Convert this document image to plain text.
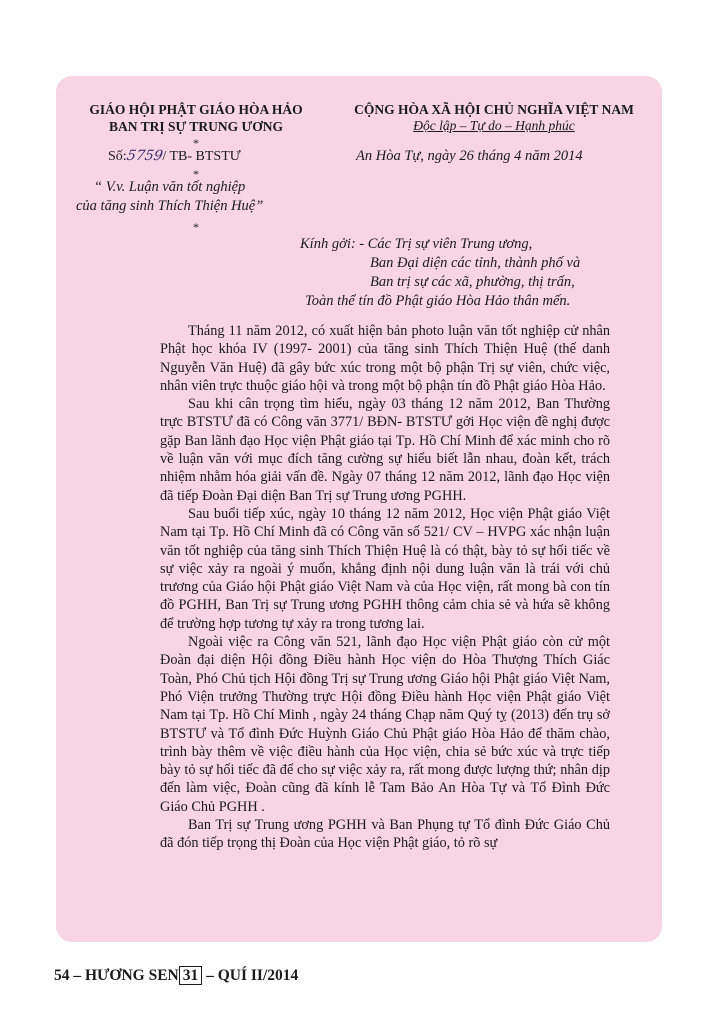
GIÁO HỘI PHẬT GIÁO HÒA HẢO
BAN TRỊ SỰ TRUNG ƯƠNG
*
Số:5759/ TB- BTSTƯ
*
“ V.v. Luận văn tốt nghiệp
của tăng sinh Thích Thiện Huệ”
*
CỘNG HÒA XÃ HỘI CHỦ NGHĨA VIỆT NAM
Độc lập – Tự do – Hạnh phúc
An Hòa Tự, ngày 26 tháng 4 năm 2014
Kính gởi: - Các Trị sự viên Trung ương,
Ban Đại diện các tỉnh, thành phố và
Ban trị sự các xã, phường, thị trấn,
Toàn thể tín đồ Phật giáo Hòa Hảo thân mến.

Tháng 11 năm 2012, có xuất hiện bản photo luận văn tốt nghiệp cử nhân Phật học khóa IV (1997- 2001) của tăng sinh Thích Thiện Huệ (thế danh Nguyễn Văn Huệ) đã gây bức xúc trong một bộ phận Trị sự viên, chức việc, nhân viên trực thuộc giáo hội và trong một bộ phận tín đồ Phật giáo Hòa Hảo.

Sau khi cân trọng tìm hiểu, ngày 03 tháng 12 năm 2012, Ban Thường trực BTSTƯ đã có Công văn 3771/ BĐN- BTSTƯ gởi Học viện đề nghị được gặp Ban lãnh đạo Học viện Phật giáo tại Tp. Hồ Chí Minh để xác minh cho rõ về luận văn với mục đích tăng cường sự hiểu biết lẫn nhau, đoàn kết, trách nhiệm nhằm hóa giải vấn đề. Ngày 07 tháng 12 năm 2012, lãnh đạo Học viện đã tiếp Đoàn Đại diện Ban Trị sự Trung ương PGHH.

Sau buổi tiếp xúc, ngày 10 tháng 12 năm 2012, Học viện Phật giáo Việt Nam tại Tp. Hồ Chí Minh đã có Công văn số 521/ CV – HVPG xác nhận luận văn tốt nghiệp của tăng sinh Thích Thiện Huệ là có thật, bày tỏ sự hối tiếc về sự việc xảy ra ngoài ý muốn, khẳng định nội dung luận văn là trái với chủ trương của Giáo hội Phật giáo Việt Nam và của Học viện, rất mong bà con tín đồ PGHH, Ban Trị sự Trung ương PGHH thông cảm chia sẻ và hứa sẽ không để trường hợp tương tự xảy ra trong tương lai.

Ngoài việc ra Công văn 521, lãnh đạo Học viện Phật giáo còn cử một Đoàn đại diện Hội đồng Điều hành Học viện do Hòa Thượng Thích Giác Toàn, Phó Chủ tịch Hội đồng Trị sự Trung ương Giáo hội Phật giáo Việt Nam, Phó Viện trưởng Thường trực Hội đồng Điều hành Học viện Phật giáo Việt Nam tại Tp. Hồ Chí Minh , ngày 24 tháng Chạp năm Quý tỵ (2013) đến trụ sở BTSTƯ và Tổ đình Đức Huỳnh Giáo Chủ Phật giáo Hòa Hảo để thăm chào, trình bày thêm về việc điều hành của Học viện, chia sẻ bức xúc và trực tiếp bày tỏ sự hối tiếc đã để cho sự việc xảy ra, rất mong được lượng thứ; nhân dịp đến làm việc, Đoàn cũng đã kính lễ Tam Bảo An Hòa Tự và Tổ Đình Đức Giáo Chủ PGHH .

Ban Trị sự Trung ương PGHH và Ban Phụng tự Tổ đình Đức Giáo Chủ đã đón tiếp trọng thị Đoàn của Học viện Phật giáo, tỏ rõ sự

54 – HƯƠNG SEN 31 – QUÍ II/2014
